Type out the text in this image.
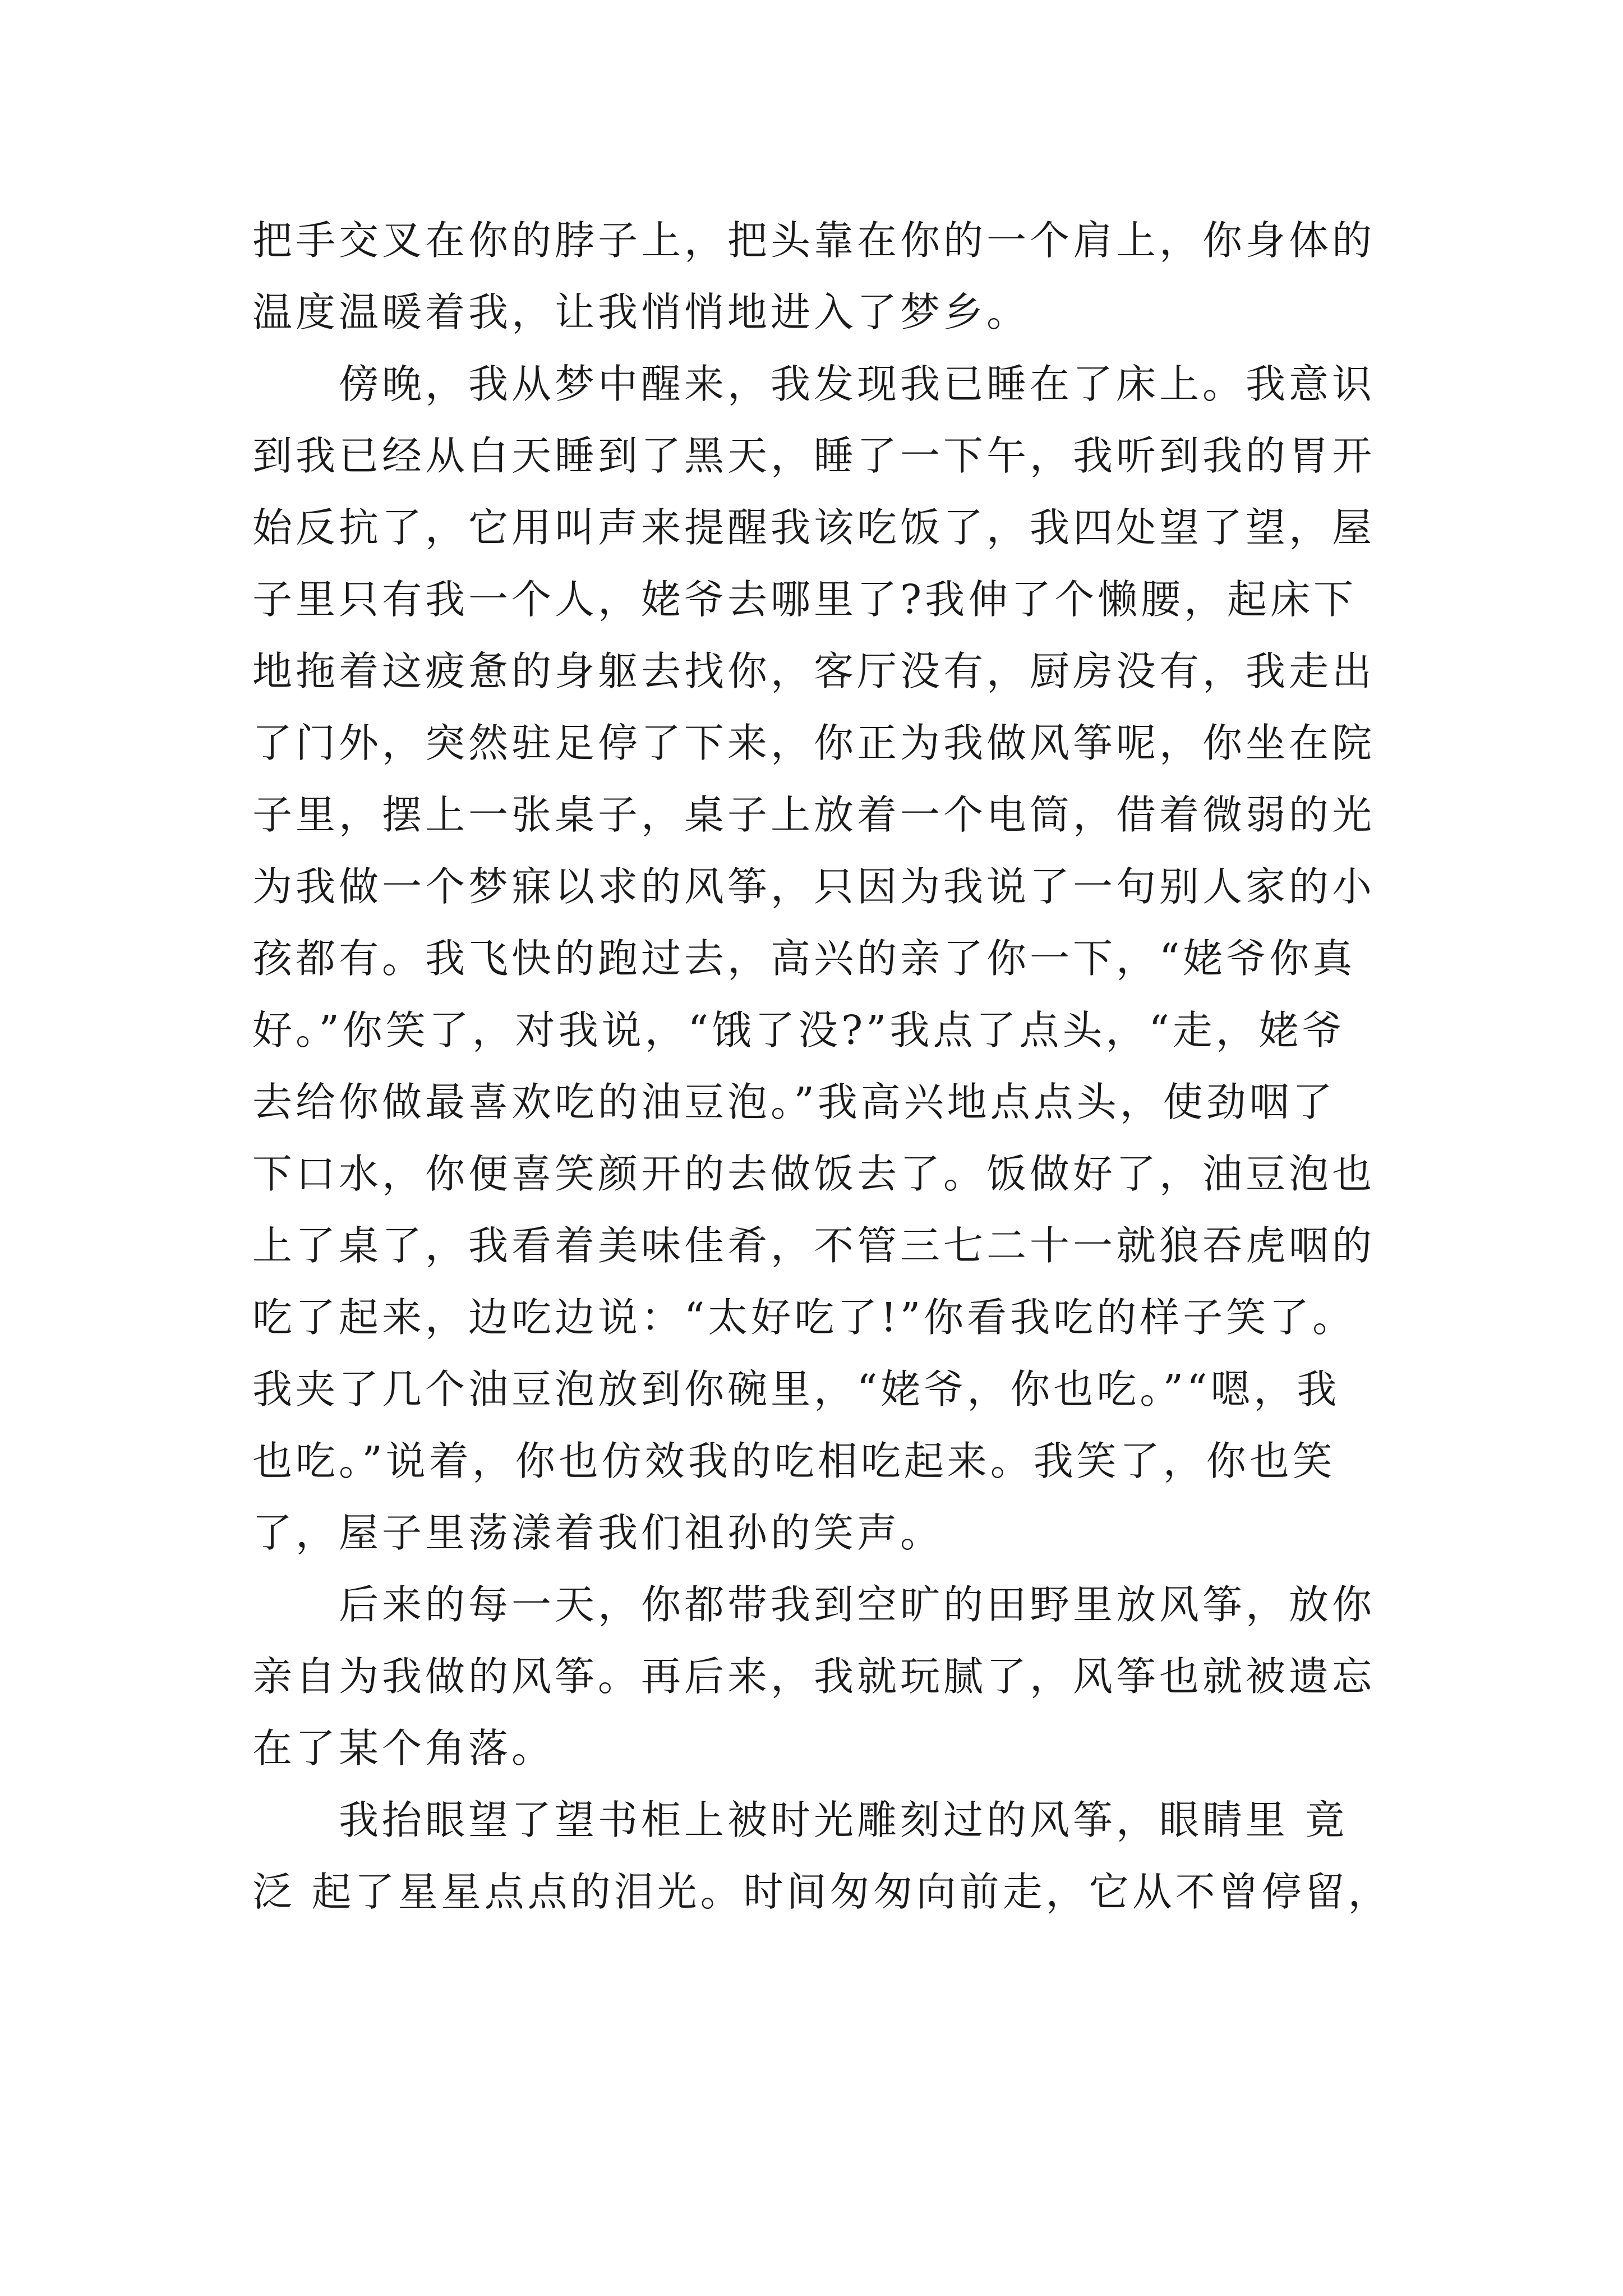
把手交叉在你的脖子上，把头靠在你的一个肩上，你身体的
温度温暖着我，让我悄悄地进入了梦乡。
　　傍晚，我从梦中醒来，我发现我已睡在了床上。我意识
到我已经从白天睡到了黑天，睡了一下午，我听到我的胃开
始反抗了，它用叫声来提醒我该吃饭了，我四处望了望，屋
子里只有我一个人，姥爷去哪里了?我伸了个懒腰，起床下
地拖着这疲惫的身躯去找你，客厅没有，厨房没有，我走出
了门外，突然驻足停了下来，你正为我做风筝呢，你坐在院
子里，摆上一张桌子，桌子上放着一个电筒，借着微弱的光
为我做一个梦寐以求的风筝，只因为我说了一句别人家的小
孩都有。我飞快的跑过去，高兴的亲了你一下，“姥爷你真
好。”你笑了，对我说，“饿了没?”我点了点头，“走，姥爷
去给你做最喜欢吃的油豆泡。”我高兴地点点头，使劲咽了
下口水，你便喜笑颜开的去做饭去了。饭做好了，油豆泡也
上了桌了，我看着美味佳肴，不管三七二十一就狼吞虎咽的
吃了起来，边吃边说：“太好吃了!”你看我吃的样子笑了。
我夹了几个油豆泡放到你碗里，“姥爷，你也吃。”“嗯，我
也吃。”说着，你也仿效我的吃相吃起来。我笑了，你也笑
了，屋子里荡漾着我们祖孙的笑声。
　　后来的每一天，你都带我到空旷的田野里放风筝，放你
亲自为我做的风筝。再后来，我就玩腻了，风筝也就被遗忘
在了某个角落。
　　我抬眼望了望书柜上被时光雕刻过的风筝，眼睛里 竟
泛 起了星星点点的泪光。时间匆匆向前走，它从不曾停留，
